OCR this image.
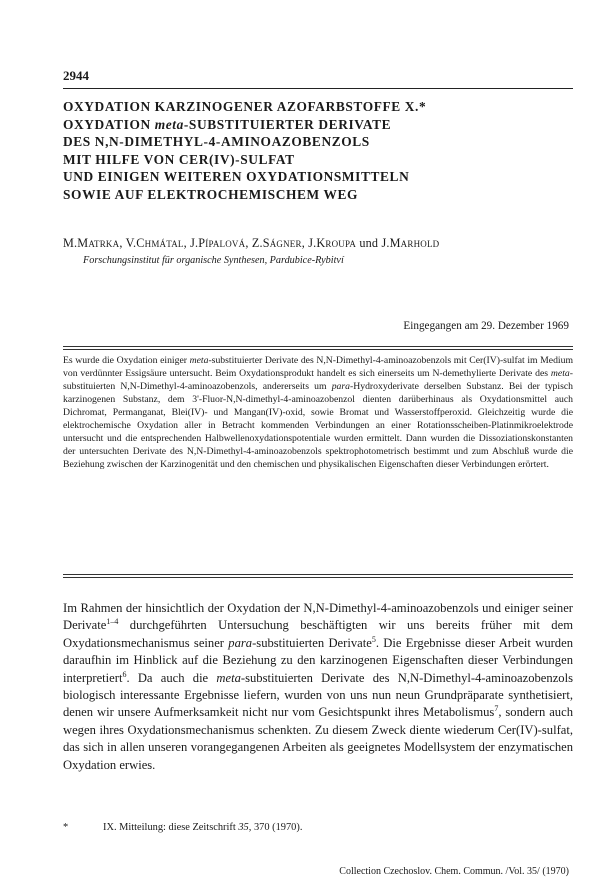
2944
OXYDATION KARZINOGENER AZOFARBSTOFFE X.*
OXYDATION meta-SUBSTITUIERTER DERIVATE
DES N,N-DIMETHYL-4-AMINOAZOBENZOLS
MIT HILFE VON CER(IV)-SULFAT
UND EINIGEN WEITEREN OXYDATIONSMITTELN
SOWIE AUF ELEKTROCHEMISCHEM WEG
M.Matrka, V.Chmátal, J.Pípalová, Z.Ságner, J.Kroupa und J.Marhold
Forschungsinstitut für organische Synthesen, Pardubice-Rybitví
Eingegangen am 29. Dezember 1969

Es wurde die Oxydation einiger meta-substituierter Derivate des N,N-Dimethyl-4-aminoazobenzols mit Cer(IV)-sulfat im Medium von verdünnter Essigsäure untersucht. Beim Oxydationsprodukt handelt es sich einerseits um N-demethylierte Derivate des meta-substituierten N,N-Dimethyl-4-aminoazobenzols, andererseits um para-Hydroxyderivate derselben Substanz. Bei der typisch karzinogenen Substanz, dem 3'-Fluor-N,N-dimethyl-4-aminoazobenzol dienten darüberhinaus als Oxydationsmittel auch Dichromat, Permanganat, Blei(IV)- und Mangan(IV)-oxid, sowie Bromat und Wasserstoffperoxid. Gleichzeitig wurde die elektrochemische Oxydation aller in Betracht kommenden Verbindungen an einer Rotationsscheiben-Platinmikroelektrode untersucht und die entsprechenden Halbwellenoxydationspotentiale wurden ermittelt. Dann wurden die Dissoziationskonstanten der untersuchten Derivate des N,N-Dimethyl-4-aminoazobenzols spektrophotometrisch bestimmt und zum Abschluß wurde die Beziehung zwischen der Karzinogenität und den chemischen und physikalischen Eigenschaften dieser Verbindungen erörtert.

Im Rahmen der hinsichtlich der Oxydation der N,N-Dimethyl-4-aminoazobenzols und einiger seiner Derivate$^{1-4}$ durchgeführten Untersuchung beschäftigten wir uns bereits früher mit dem Oxydationsmechanismus seiner para-substituierten Derivate$^5$. Die Ergebnisse dieser Arbeit wurden daraufhin im Hinblick auf die Beziehung zu den karzinogenen Eigenschaften dieser Verbindungen interpretiert$^6$. Da auch die meta-substituierten Derivate des N,N-Dimethyl-4-aminoazobenzols biologisch interessante Ergebnisse liefern, wurden von uns nun neun Grundpräparate synthetisiert, denen wir unsere Aufmerksamkeit nicht nur vom Gesichtspunkt ihres Metabolismus$^7$, sondern auch wegen ihres Oxydationsmechanismus schenkten. Zu diesem Zweck diente wiederum Cer(IV)-sulfat, das sich in allen unseren vorangegangenen Arbeiten als geeignetes Modellsystem der enzymatischen Oxydation erwies.

*	IX. Mitteilung: diese Zeitschrift 35, 370 (1970).
Collection Czechoslov. Chem. Commun. /Vol. 35/ (1970)
